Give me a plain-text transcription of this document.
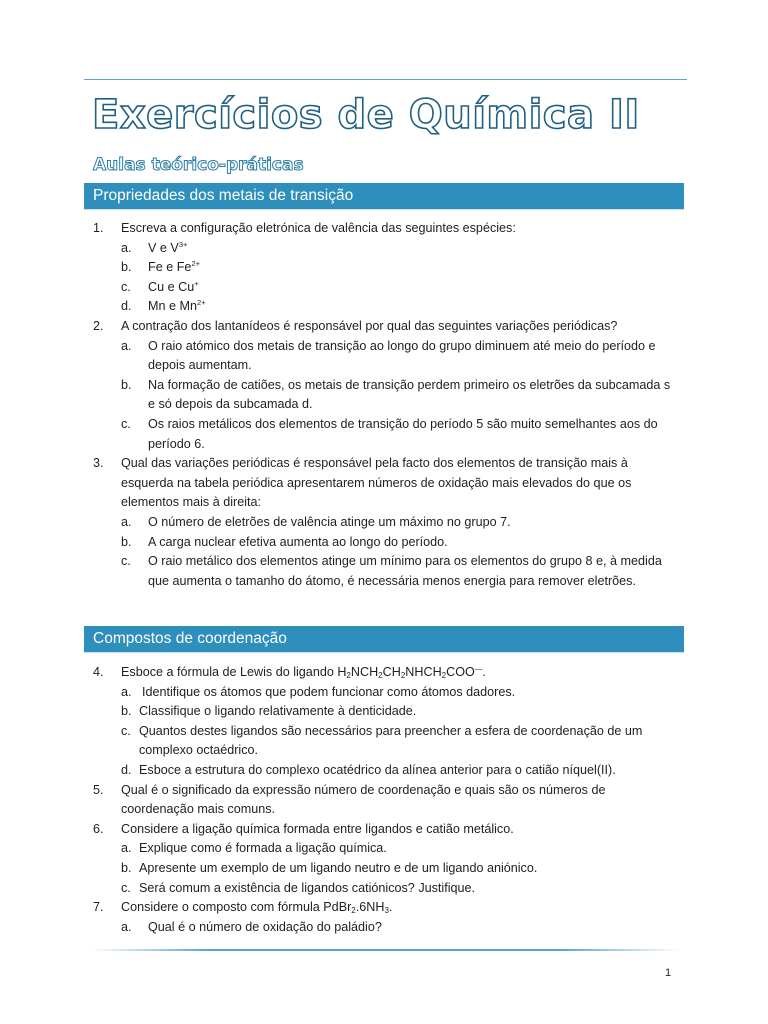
Exercícios de Química II
Aulas teórico-práticas
Propriedades dos metais de transição
1. Escreva a configuração eletrónica de valência das seguintes espécies:
a. V e $V^{3+}$
b. Fe e $Fe^{2+}$
c. Cu e Cu+
d. Mn e $Mn^{2+}$
2. A contração dos lantanídeos é responsável por qual das seguintes variações periódicas?
a. O raio atómico dos metais de transição ao longo do grupo diminuem até meio do período e depois aumentam.
b. Na formação de catiões, os metais de transição perdem primeiro os eletrões da subcamada s e só depois da subcamada d.
c. Os raios metálicos dos elementos de transição do período 5 são muito semelhantes aos do período 6.
3. Qual das variações periódicas é responsável pela facto dos elementos de transição mais à esquerda na tabela periódica apresentarem números de oxidação mais elevados do que os elementos mais à direita:
a. O número de eletrões de valência atinge um máximo no grupo 7.
b. A carga nuclear efetiva aumenta ao longo do período.
c. O raio metálico dos elementos atinge um mínimo para os elementos do grupo 8 e, à medida que aumenta o tamanho do átomo, é necessária menos energia para remover eletrões.
Compostos de coordenação
4. Esboce a fórmula de Lewis do ligando $H_2NCH_2CH_2NHCH_2COO^—$.
a. Identifique os átomos que podem funcionar como átomos dadores.
b. Classifique o ligando relativamente à denticidade.
c. Quantos destes ligandos são necessários para preencher a esfera de coordenação de um complexo octaédrico.
d. Esboce a estrutura do complexo ocatédrico da alínea anterior para o catião níquel(II).
5. Qual é o significado da expressão número de coordenação e quais são os números de coordenação mais comuns.
6. Considere a ligação química formada entre ligandos e catião metálico.
a. Explique como é formada a ligação química.
b. Apresente um exemplo de um ligando neutro e de um ligando aniónico.
c. Será comum a existência de ligandos catiónicos? Justifique.
7. Considere o composto com fórmula $PdBr_2.6NH_3$.
a. Qual é o número de oxidação do paládio?
1
